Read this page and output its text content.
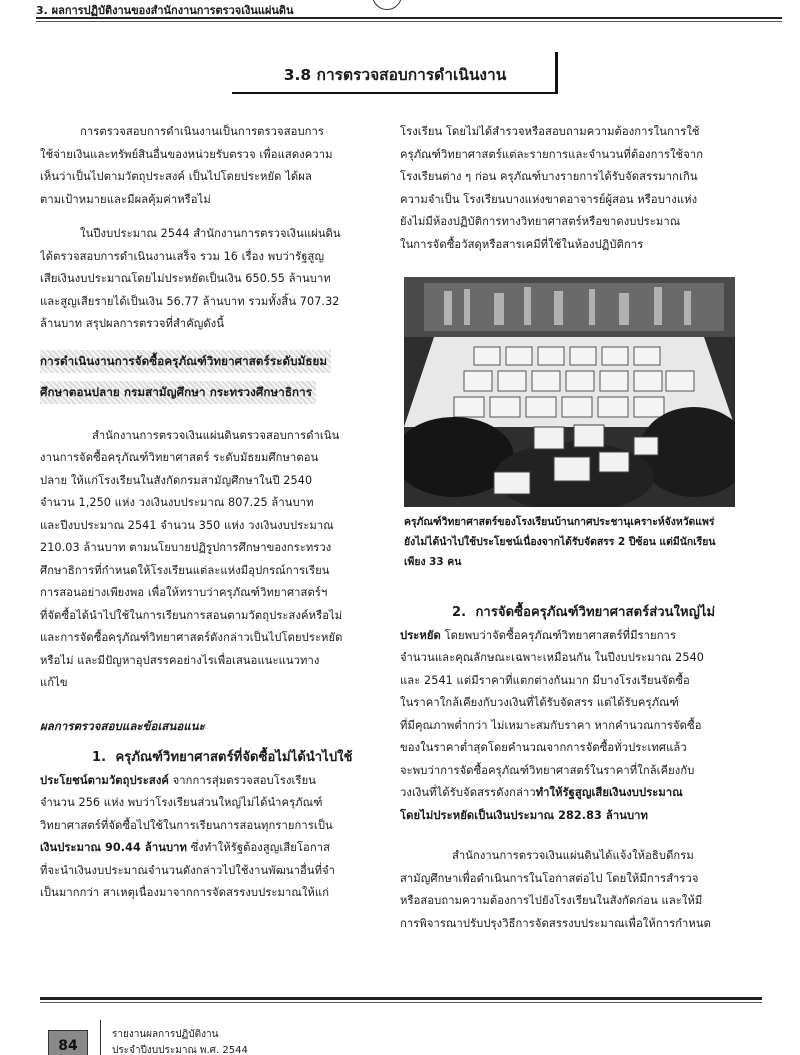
3. ผลการปฏิบัติงานของสำนักงานการตรวจเงินแผ่นดิน
3.8 การตรวจสอบการดำเนินงาน
การตรวจสอบการดำเนินงานเป็นการตรวจสอบการ
ใช้จ่ายเงินและทรัพย์สินอื่นของหน่วยรับตรวจ เพื่อแสดงความ
เห็นว่าเป็นไปตามวัตถุประสงค์ เป็นไปโดยประหยัด ได้ผล
ตามเป้าหมายและมีผลคุ้มค่าหรือไม่
ในปีงบประมาณ 2544 สำนักงานการตรวจเงินแผ่นดิน
ได้ตรวจสอบการดำเนินงานเสร็จ รวม 16 เรื่อง พบว่ารัฐสูญ
เสียเงินงบประมาณโดยไม่ประหยัดเป็นเงิน 650.55 ล้านบาท
และสูญเสียรายได้เป็นเงิน 56.77 ล้านบาท รวมทั้งสิ้น 707.32
ล้านบาท สรุปผลการตรวจที่สำคัญดังนี้
การดำเนินงานการจัดซื้อครุภัณฑ์วิทยาศาสตร์ระดับมัธยม ศึกษาตอนปลาย กรมสามัญศึกษา กระทรวงศึกษาธิการ
สำนักงานการตรวจเงินแผ่นดินตรวจสอบการดำเนิน
งานการจัดซื้อครุภัณฑ์วิทยาศาสตร์ ระดับมัธยมศึกษาตอน
ปลาย ให้แก่โรงเรียนในสังกัดกรมสามัญศึกษาในปี 2540
จำนวน 1,250 แห่ง วงเงินงบประมาณ 807.25 ล้านบาท
และปีงบประมาณ 2541 จำนวน 350 แห่ง วงเงินงบประมาณ
210.03 ล้านบาท ตามนโยบายปฏิรูปการศึกษาของกระทรวง
ศึกษาธิการที่กำหนดให้โรงเรียนแต่ละแห่งมีอุปกรณ์การเรียน
การสอนอย่างเพียงพอ เพื่อให้ทราบว่าครุภัณฑ์วิทยาศาสตร์ฯ
ที่จัดซื้อได้นำไปใช้ในการเรียนการสอนตามวัตถุประสงค์หรือไม่
และการจัดซื้อครุภัณฑ์วิทยาศาสตร์ดังกล่าวเป็นไปโดยประหยัด
หรือไม่ และมีปัญหาอุปสรรคอย่างไรเพื่อเสนอแนะแนวทาง
แก้ไข
ผลการตรวจสอบและข้อเสนอแนะ
1. ครุภัณฑ์วิทยาศาสตร์ที่จัดซื้อไม่ได้นำไปใช้
ประโยชน์ตามวัตถุประสงค์ จากการสุ่มตรวจสอบโรงเรียน
จำนวน 256 แห่ง พบว่าโรงเรียนส่วนใหญ่ไม่ได้นำครุภัณฑ์
วิทยาศาสตร์ที่จัดซื้อไปใช้ในการเรียนการสอนทุกรายการเป็น
เงินประมาณ 90.44 ล้านบาท ซึ่งทำให้รัฐต้องสูญเสียโอกาส
ที่จะนำเงินงบประมาณจำนวนดังกล่าวไปใช้งานพัฒนาอื่นที่จำ
เป็นมากกว่า สาเหตุเนื่องมาจากการจัดสรรงบประมาณให้แก่
โรงเรียน โดยไม่ได้สำรวจหรือสอบถามความต้องการในการใช้
ครุภัณฑ์วิทยาศาสตร์แต่ละรายการและจำนวนที่ต้องการใช้จาก
โรงเรียนต่าง ๆ ก่อน ครุภัณฑ์บางรายการได้รับจัดสรรมากเกิน
ความจำเป็น โรงเรียนบางแห่งขาดอาจารย์ผู้สอน หรือบางแห่ง
ยังไม่มีห้องปฏิบัติการทางวิทยาศาสตร์หรือขาดงบประมาณ
ในการจัดซื้อวัสดุหรือสารเคมีที่ใช้ในห้องปฏิบัติการ
ครุภัณฑ์วิทยาศาสตร์ของโรงเรียนบ้านกาศประชานุเคราะห์จังหวัดแพร่
ยังไม่ได้นำไปใช้ประโยชน์เนื่องจากได้รับจัดสรร 2 ปีซ้อน แต่มีนักเรียน
เพียง 33 คน
2. การจัดซื้อครุภัณฑ์วิทยาศาสตร์ส่วนใหญ่ไม่
ประหยัด โดยพบว่าจัดซื้อครุภัณฑ์วิทยาศาสตร์ที่มีรายการ
จำนวนและคุณลักษณะเฉพาะเหมือนกัน ในปีงบประมาณ 2540
และ 2541 แต่มีราคาที่แตกต่างกันมาก มีบางโรงเรียนจัดซื้อ
ในราคาใกล้เคียงกับวงเงินที่ได้รับจัดสรร แต่ได้รับครุภัณฑ์
ที่มีคุณภาพต่ำกว่า ไม่เหมาะสมกับราคา หากคำนวณการจัดซื้อ
ของในราคาต่ำสุดโดยคำนวณจากการจัดซื้อทั่วประเทศแล้ว
จะพบว่าการจัดซื้อครุภัณฑ์วิทยาศาสตร์ในราคาที่ใกล้เคียงกับ
วงเงินที่ได้รับจัดสรรดังกล่าวทำให้รัฐสูญเสียเงินงบประมาณ
โดยไม่ประหยัดเป็นเงินประมาณ 282.83 ล้านบาท
สำนักงานการตรวจเงินแผ่นดินได้แจ้งให้อธิบดีกรม
สามัญศึกษาเพื่อดำเนินการในโอกาสต่อไป โดยให้มีการสำรวจ
หรือสอบถามความต้องการไปยังโรงเรียนในสังกัดก่อน และให้มี
การพิจารณาปรับปรุงวิธีการจัดสรรงบประมาณเพื่อให้การกำหนด
84
รายงานผลการปฏิบัติงาน
ประจำปีงบประมาณ พ.ศ. 2544
